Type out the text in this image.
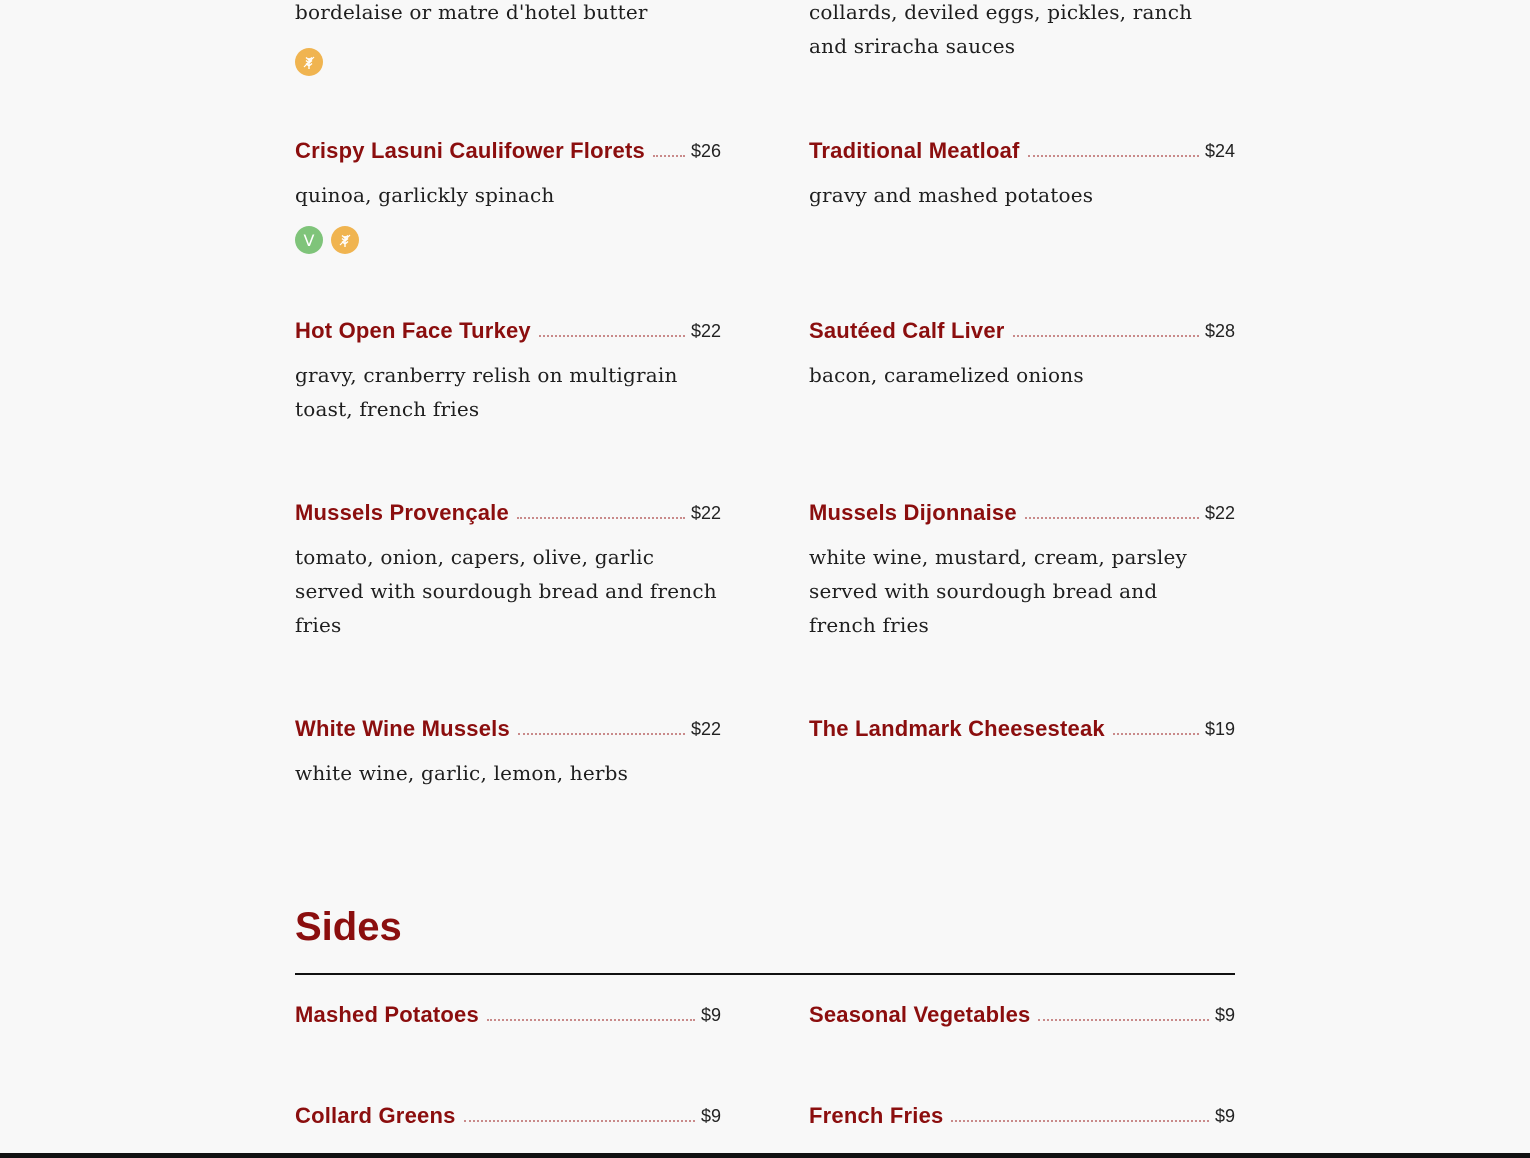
bordelaise or matre d'hotel butter	collards, deviled eggs, pickles, ranch and sriracha sauces
Crispy Lasuni Caulifower Florets	$26
quinoa, garlickly spinach
V
Traditional Meatloaf	$24
gravy and mashed potatoes
Hot Open Face Turkey	$22
gravy, cranberry relish on multigrain toast, french fries
Sautéed Calf Liver	$28
bacon, caramelized onions
Mussels Provençale	$22
tomato, onion, capers, olive, garlic served with sourdough bread and french fries
Mussels Dijonnaise	$22
white wine, mustard, cream, parsley served with sourdough bread and french fries
White Wine Mussels	$22
white wine, garlic, lemon, herbs
The Landmark Cheesesteak	$19
Sides
Mashed Potatoes	$9	Seasonal Vegetables	$9
Collard Greens	$9	French Fries	$9
